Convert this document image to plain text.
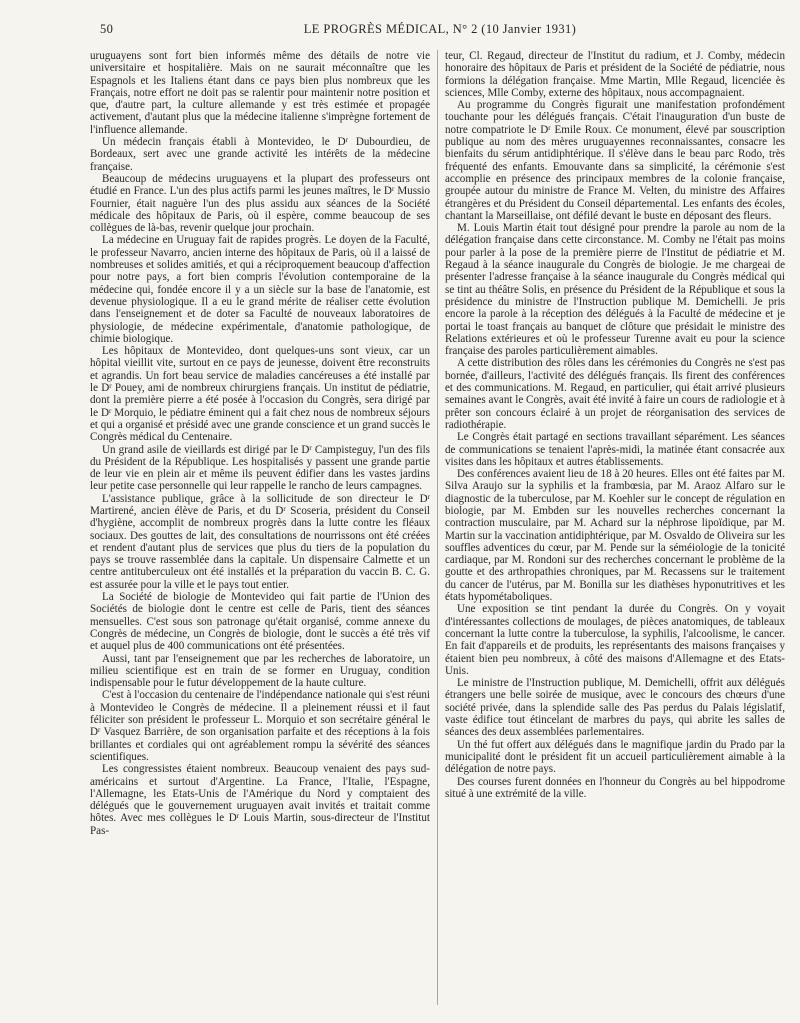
50	LE PROGRÈS MÉDICAL, N° 2 (10 Janvier 1931)

uruguayens sont fort bien informés même des détails de notre vie universitaire et hospitalière. Mais on ne saurait méconnaître que les Espagnols et les Italiens étant dans ce pays bien plus nombreux que les Français, notre effort ne doit pas se ralentir pour maintenir notre position et que, d'autre part, la culture allemande y est très estimée et propagée activement, d'autant plus que la médecine italienne s'imprègne fortement de l'influence allemande.

Un médecin français établi à Montevideo, le $D^r$ Dubourdieu, de Bordeaux, sert avec une grande activité les intérêts de la médecine française.

Beaucoup de médecins uruguayens et la plupart des professeurs ont étudié en France. L'un des plus actifs parmi les jeunes maîtres, le $D^r$ Mussio Fournier, était naguère l'un des plus assidu aux séances de la Société médicale des hôpitaux de Paris, où il espère, comme beaucoup de ses collègues de là-bas, revenir quelque jour prochain.

La médecine en Uruguay fait de rapides progrès. Le doyen de la Faculté, le professeur Navarro, ancien interne des hôpitaux de Paris, où il a laissé de nombreuses et solides amitiés, et qui a réciproquement beaucoup d'affection pour notre pays, a fort bien compris l'évolution contemporaine de la médecine qui, fondée encore il y a un siècle sur la base de l'anatomie, est devenue physiologique. Il a eu le grand mérite de réaliser cette évolution dans l'enseignement et de doter sa Faculté de nouveaux laboratoires de physiologie, de médecine expérimentale, d'anatomie pathologique, de chimie biologique.

Les hôpitaux de Montevideo, dont quelques-uns sont vieux, car un hôpital vieillit vite, surtout en ce pays de jeunesse, doivent être reconstruits et agrandis. Un fort beau service de maladies cancéreuses a été installé par le $D^r$ Pouey, ami de nombreux chirurgiens français. Un institut de pédiatrie, dont la première pierre a été posée à l'occasion du Congrès, sera dirigé par le $D^r$ Morquio, le pédiatre éminent qui a fait chez nous de nombreux séjours et qui a organisé et présidé avec une grande conscience et un grand succès le Congrès médical du Centenaire.

Un grand asile de vieillards est dirigé par le $D^r$ Campisteguy, l'un des fils du Président de la République. Les hospitalisés y passent une grande partie de leur vie en plein air et même ils peuvent édifier dans les vastes jardins leur petite case personnelle qui leur rappelle le rancho de leurs campagnes.

L'assistance publique, grâce à la sollicitude de son directeur le $D^r$ Martirené, ancien élève de Paris, et du $D^r$ Scoseria, président du Conseil d'hygiène, accomplit de nombreux progrès dans la lutte contre les fléaux sociaux. Des gouttes de lait, des consultations de nourrissons ont été créées et rendent d'autant plus de services que plus du tiers de la population du pays se trouve rassemblée dans la capitale. Un dispensaire Calmette et un centre antituberculeux ont été installés et la préparation du vaccin B. C. G. est assurée pour la ville et le pays tout entier.

La Société de biologie de Montevideo qui fait partie de l'Union des Sociétés de biologie dont le centre est celle de Paris, tient des séances mensuelles. C'est sous son patronage qu'était organisé, comme annexe du Congrès de médecine, un Congrès de biologie, dont le succès a été très vif et auquel plus de 400 communications ont été présentées.

Aussi, tant par l'enseignement que par les recherches de laboratoire, un milieu scientifique est en train de se former en Uruguay, condition indispensable pour le futur développement de la haute culture.

C'est à l'occasion du centenaire de l'indépendance nationale qui s'est réuni à Montevideo le Congrès de médecine. Il a pleinement réussi et il faut féliciter son président le professeur L. Morquio et son secrétaire général le $D^r$ Vasquez Barrière, de son organisation parfaite et des réceptions à la fois brillantes et cordiales qui ont agréablement rompu la sévérité des séances scientifiques.

Les congressistes étaient nombreux. Beaucoup venaient des pays sud-américains et surtout d'Argentine. La France, l'Italie, l'Espagne, l'Allemagne, les Etats-Unis de l'Amérique du Nord y comptaient des délégués que le gouvernement uruguayen avait invités et traitait comme hôtes. Avec mes collègues le $D^r$ Louis Martin, sous-directeur de l'Institut Pas-

teur, Cl. Regaud, directeur de l'Institut du radium, et J. Comby, médecin honoraire des hôpitaux de Paris et président de la Société de pédiatrie, nous formions la délégation française. Mme Martin, Mlle Regaud, licenciée ès sciences, Mlle Comby, externe des hôpitaux, nous accompagnaient.

Au programme du Congrès figurait une manifestation profondément touchante pour les délégués français. C'était l'inauguration d'un buste de notre compatriote le $D^r$ Emile Roux. Ce monument, élevé par souscription publique au nom des mères uruguayennes reconnaissantes, consacre les bienfaits du sérum antidiphtérique. Il s'élève dans le beau parc Rodo, très fréquenté des enfants. Emouvante dans sa simplicité, la cérémonie s'est accomplie en présence des principaux membres de la colonie française, groupée autour du ministre de France M. Velten, du ministre des Affaires étrangères et du Président du Conseil départemental. Les enfants des écoles, chantant la Marseillaise, ont défilé devant le buste en déposant des fleurs.

M. Louis Martin était tout désigné pour prendre la parole au nom de la délégation française dans cette circonstance. M. Comby ne l'était pas moins pour parler à la pose de la première pierre de l'Institut de pédiatrie et M. Regaud à la séance inaugurale du Congrès de biologie. Je me chargeai de présenter l'adresse française à la séance inaugurale du Congrès médical qui se tint au théâtre Solis, en présence du Président de la République et sous la présidence du ministre de l'Instruction publique M. Demichelli. Je pris encore la parole à la réception des délégués à la Faculté de médecine et je portai le toast français au banquet de clôture que présidait le ministre des Relations extérieures et où le professeur Turenne avait eu pour la science française des paroles particulièrement aimables.

A cette distribution des rôles dans les cérémonies du Congrès ne s'est pas bornée, d'ailleurs, l'activité des délégués français. Ils firent des conférences et des communications. M. Regaud, en particulier, qui était arrivé plusieurs semaines avant le Congrès, avait été invité à faire un cours de radiologie et à prêter son concours éclairé à un projet de réorganisation des services de radiothérapie.

Le Congrès était partagé en sections travaillant séparément. Les séances de communications se tenaient l'après-midi, la matinée étant consacrée aux visites dans les hôpitaux et autres établissements.

Des conférences avaient lieu de 18 à 20 heures. Elles ont été faites par M. Silva Araujo sur la syphilis et la frambœsia, par M. Araoz Alfaro sur le diagnostic de la tuberculose, par M. Koehler sur le concept de régulation en biologie, par M. Embden sur les nouvelles recherches concernant la contraction musculaire, par M. Achard sur la néphrose lipoïdique, par M. Martin sur la vaccination antidiphtérique, par M. Osvaldo de Oliveira sur les souffles adventices du cœur, par M. Pende sur la séméiologie de la tonicité cardiaque, par M. Rondoni sur des recherches concernant le problème de la goutte et des arthropathies chroniques, par M. Recassens sur le traitement du cancer de l'utérus, par M. Bonilla sur les diathèses hyponutritives et les états hypométaboliques.

Une exposition se tint pendant la durée du Congrès. On y voyait d'intéressantes collections de moulages, de pièces anatomiques, de tableaux concernant la lutte contre la tuberculose, la syphilis, l'alcoolisme, le cancer. En fait d'appareils et de produits, les représentants des maisons françaises y étaient bien peu nombreux, à côté des maisons d'Allemagne et des Etats-Unis.

Le ministre de l'Instruction publique, M. Demichelli, offrit aux délégués étrangers une belle soirée de musique, avec le concours des chœurs d'une société privée, dans la splendide salle des Pas perdus du Palais législatif, vaste édifice tout étincelant de marbres du pays, qui abrite les salles de séances des deux assemblées parlementaires.

Un thé fut offert aux délégués dans le magnifique jardin du Prado par la municipalité dont le président fit un accueil particulièrement aimable à la délégation de notre pays.

Des courses furent données en l'honneur du Congrès au bel hippodrome situé à une extrémité de la ville.
